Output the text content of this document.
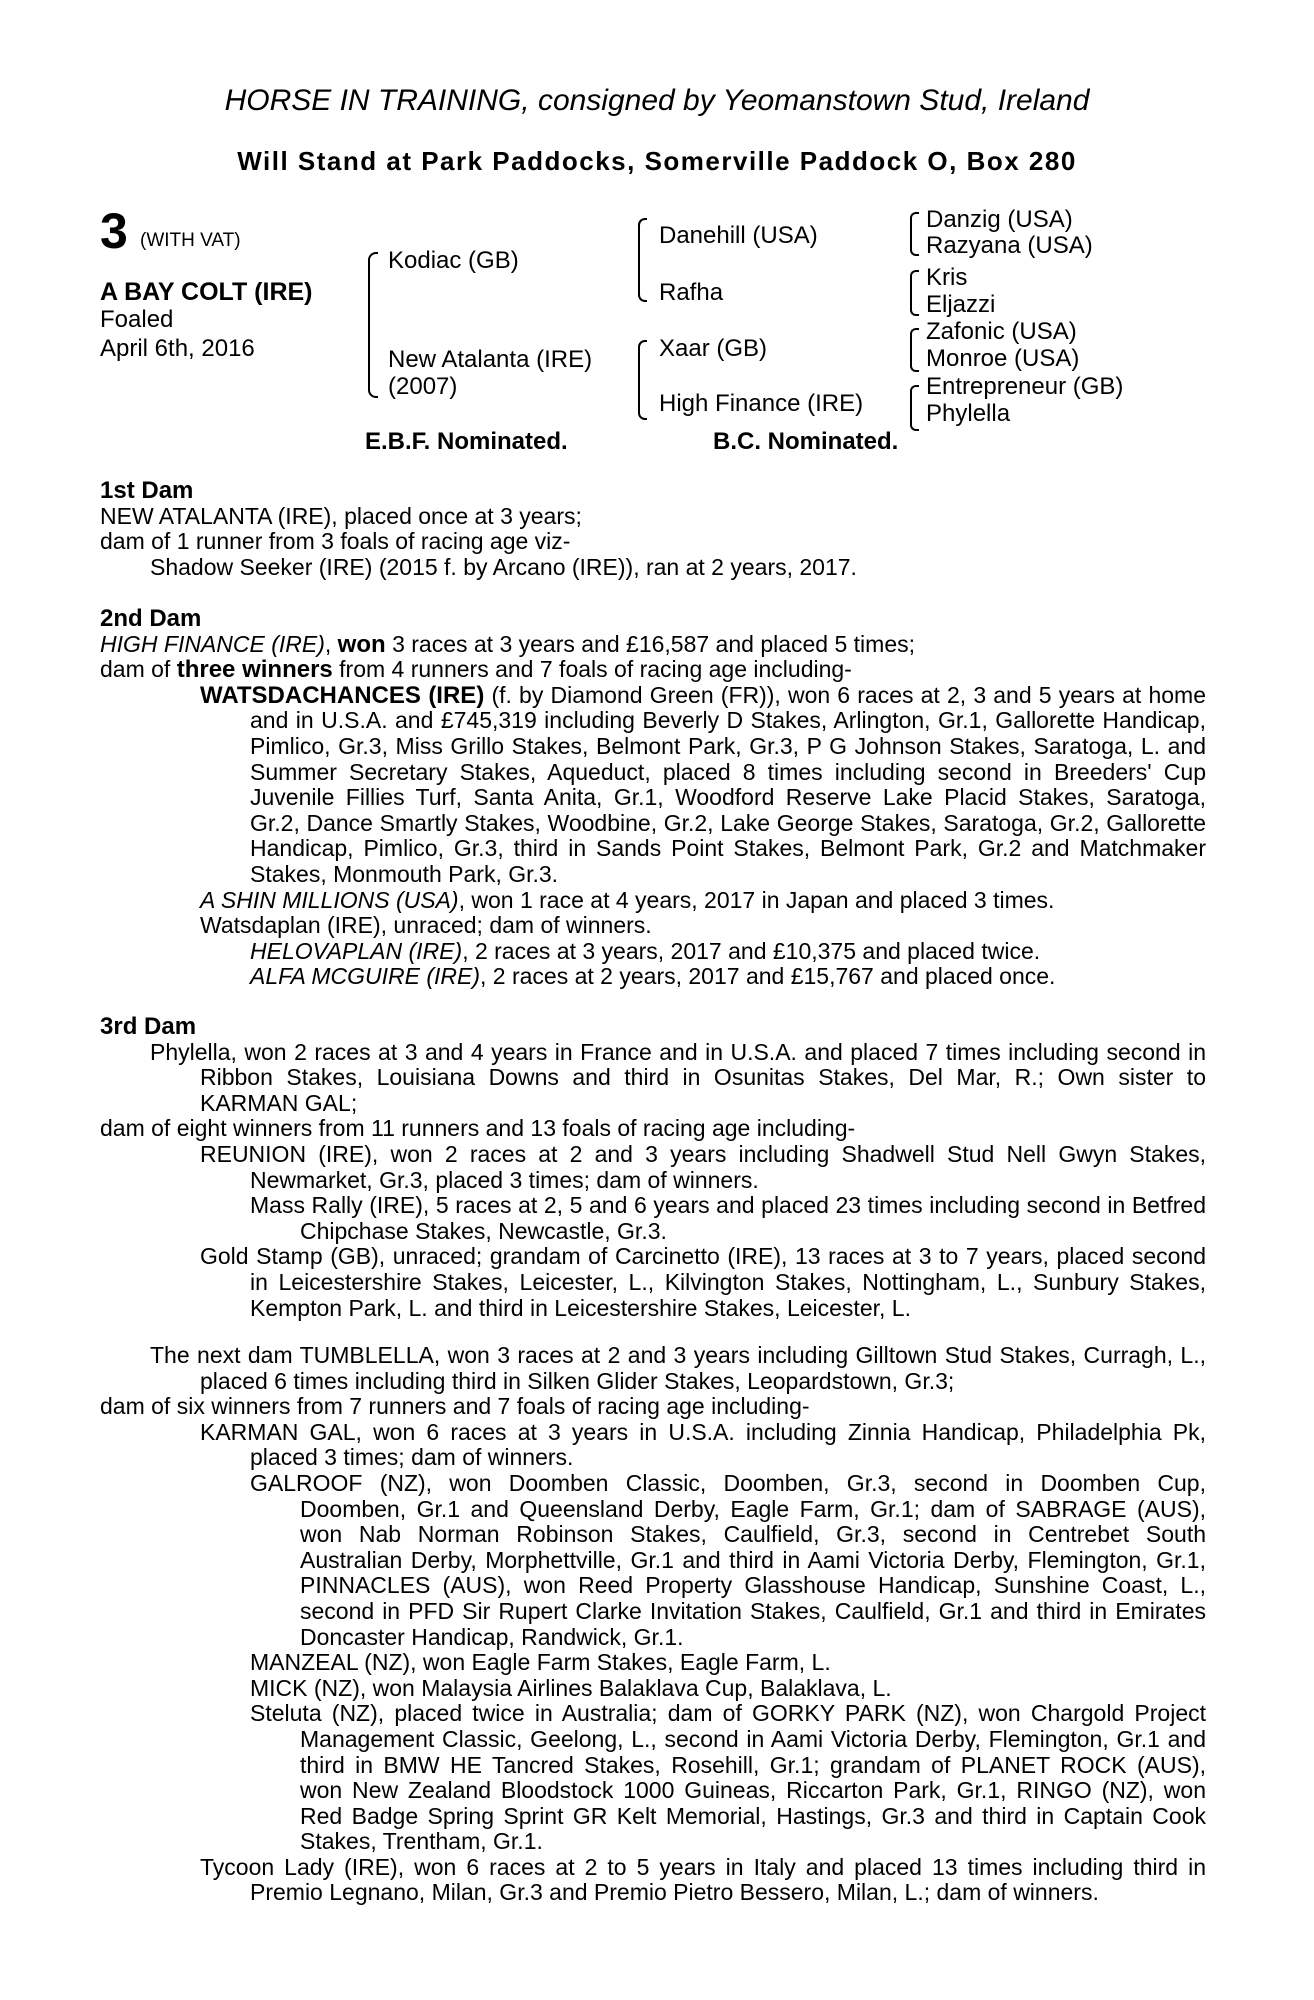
HORSE IN TRAINING, consigned by Yeomanstown Stud, Ireland
Will Stand at Park Paddocks, Somerville Paddock O, Box 280
3 (WITH VAT)
A BAY COLT (IRE)
Foaled
April 6th, 2016
Kodiac (GB)
New Atalanta (IRE)
(2007)
Danehill (USA)
Rafha
Xaar (GB)
High Finance (IRE)
Danzig (USA)
Razyana (USA)
Kris
Eljazzi
Zafonic (USA)
Monroe (USA)
Entrepreneur (GB)
Phylella
E.B.F. Nominated.	B.C. Nominated.

1st Dam

NEW ATALANTA (IRE), placed once at 3 years;

dam of 1 runner from 3 foals of racing age viz-

Shadow Seeker (IRE) (2015 f. by Arcano (IRE)), ran at 2 years, 2017.

2nd Dam

HIGH FINANCE (IRE), won 3 races at 3 years and £16,587 and placed 5 times;

dam of three winners from 4 runners and 7 foals of racing age including-

WATSDACHANCES (IRE) (f. by Diamond Green (FR)), won 6 races at 2, 3 and 5 years at home and in U.S.A. and £745,319 including Beverly D Stakes, Arlington, Gr.1, Gallorette Handicap, Pimlico, Gr.3, Miss Grillo Stakes, Belmont Park, Gr.3, P G Johnson Stakes, Saratoga, L. and Summer Secretary Stakes, Aqueduct, placed 8 times including second in Breeders' Cup Juvenile Fillies Turf, Santa Anita, Gr.1, Woodford Reserve Lake Placid Stakes, Saratoga, Gr.2, Dance Smartly Stakes, Woodbine, Gr.2, Lake George Stakes, Saratoga, Gr.2, Gallorette Handicap, Pimlico, Gr.3, third in Sands Point Stakes, Belmont Park, Gr.2 and Matchmaker Stakes, Monmouth Park, Gr.3.

A SHIN MILLIONS (USA), won 1 race at 4 years, 2017 in Japan and placed 3 times.

Watsdaplan (IRE), unraced; dam of winners.

HELOVAPLAN (IRE), 2 races at 3 years, 2017 and £10,375 and placed twice.

ALFA MCGUIRE (IRE), 2 races at 2 years, 2017 and £15,767 and placed once.

3rd Dam

Phylella, won 2 races at 3 and 4 years in France and in U.S.A. and placed 7 times including second in Ribbon Stakes, Louisiana Downs and third in Osunitas Stakes, Del Mar, R.; Own sister to KARMAN GAL;

dam of eight winners from 11 runners and 13 foals of racing age including-

REUNION (IRE), won 2 races at 2 and 3 years including Shadwell Stud Nell Gwyn Stakes, Newmarket, Gr.3, placed 3 times; dam of winners.

Mass Rally (IRE), 5 races at 2, 5 and 6 years and placed 23 times including second in Betfred Chipchase Stakes, Newcastle, Gr.3.

Gold Stamp (GB), unraced; grandam of Carcinetto (IRE), 13 races at 3 to 7 years, placed second in Leicestershire Stakes, Leicester, L., Kilvington Stakes, Nottingham, L., Sunbury Stakes, Kempton Park, L. and third in Leicestershire Stakes, Leicester, L.

The next dam TUMBLELLA, won 3 races at 2 and 3 years including Gilltown Stud Stakes, Curragh, L., placed 6 times including third in Silken Glider Stakes, Leopardstown, Gr.3;

dam of six winners from 7 runners and 7 foals of racing age including-

KARMAN GAL, won 6 races at 3 years in U.S.A. including Zinnia Handicap, Philadelphia Pk, placed 3 times; dam of winners.

GALROOF (NZ), won Doomben Classic, Doomben, Gr.3, second in Doomben Cup, Doomben, Gr.1 and Queensland Derby, Eagle Farm, Gr.1; dam of SABRAGE (AUS), won Nab Norman Robinson Stakes, Caulfield, Gr.3, second in Centrebet South Australian Derby, Morphettville, Gr.1 and third in Aami Victoria Derby, Flemington, Gr.1, PINNACLES (AUS), won Reed Property Glasshouse Handicap, Sunshine Coast, L., second in PFD Sir Rupert Clarke Invitation Stakes, Caulfield, Gr.1 and third in Emirates Doncaster Handicap, Randwick, Gr.1.

MANZEAL (NZ), won Eagle Farm Stakes, Eagle Farm, L.

MICK (NZ), won Malaysia Airlines Balaklava Cup, Balaklava, L.

Steluta (NZ), placed twice in Australia; dam of GORKY PARK (NZ), won Chargold Project Management Classic, Geelong, L., second in Aami Victoria Derby, Flemington, Gr.1 and third in BMW HE Tancred Stakes, Rosehill, Gr.1; grandam of PLANET ROCK (AUS), won New Zealand Bloodstock 1000 Guineas, Riccarton Park, Gr.1, RINGO (NZ), won Red Badge Spring Sprint GR Kelt Memorial, Hastings, Gr.3 and third in Captain Cook Stakes, Trentham, Gr.1.

Tycoon Lady (IRE), won 6 races at 2 to 5 years in Italy and placed 13 times including third in Premio Legnano, Milan, Gr.3 and Premio Pietro Bessero, Milan, L.; dam of winners.
